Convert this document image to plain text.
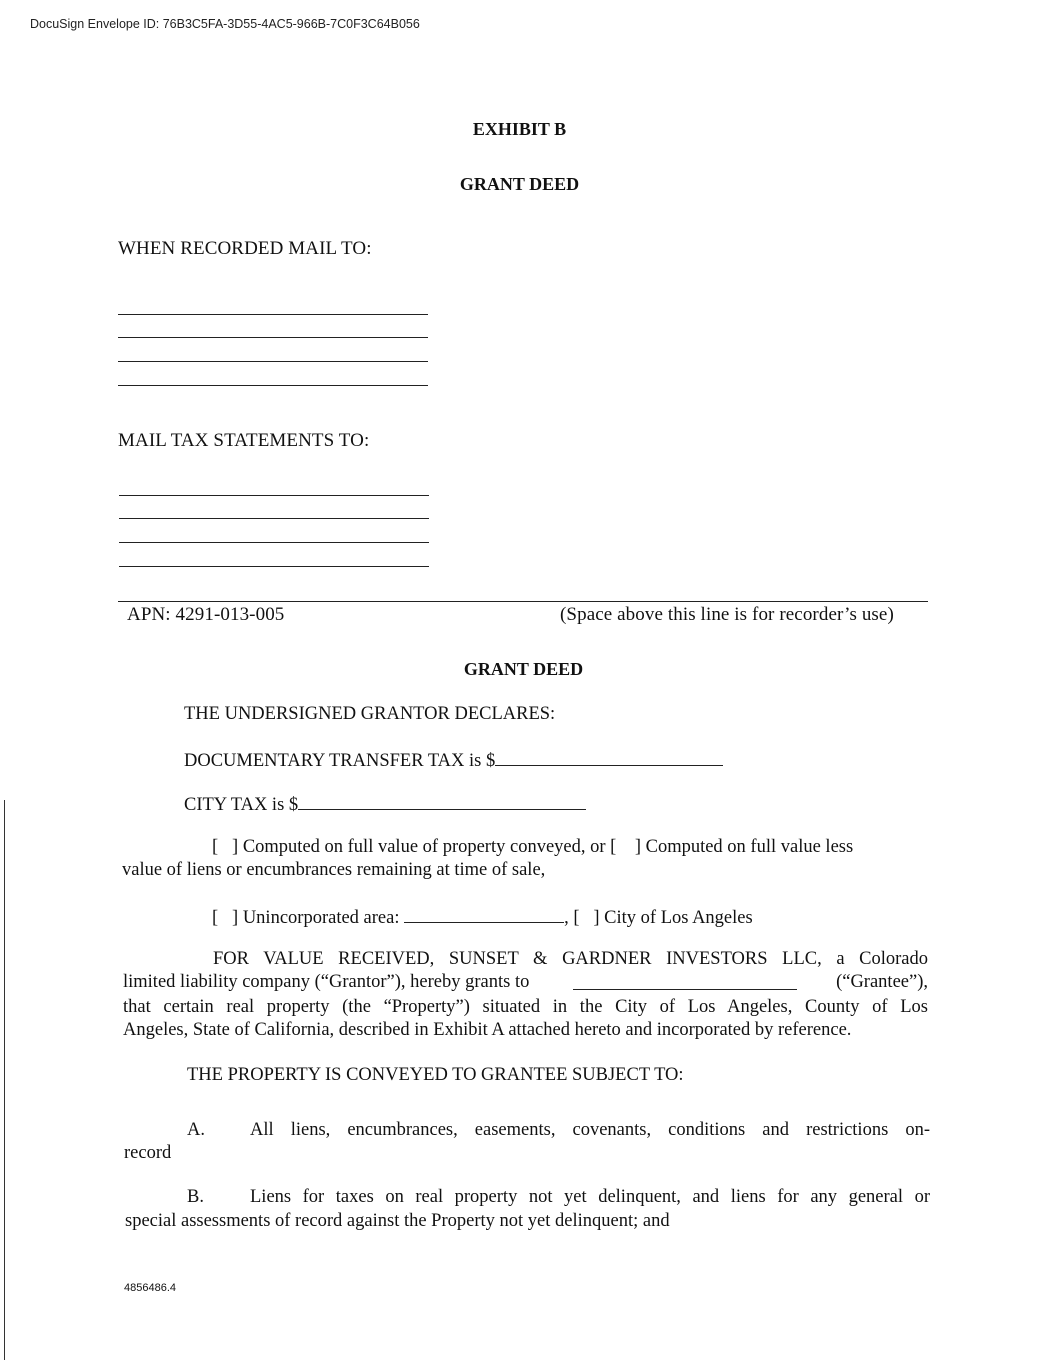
DocuSign Envelope ID: 76B3C5FA-3D55-4AC5-966B-7C0F3C64B056
EXHIBIT B
GRANT DEED
WHEN RECORDED MAIL TO:
MAIL TAX STATEMENTS TO:
APN: 4291-013-005	(Space above this line is for recorder’s use)
GRANT DEED
THE UNDERSIGNED GRANTOR DECLARES:
DOCUMENTARY TRANSFER TAX is $
CITY TAX is $
[   ] Computed on full value of property conveyed, or [    ] Computed on full value less
value of liens or encumbrances remaining at time of sale,
[   ] Unincorporated area:	, [   ] City of Los Angeles
FOR VALUE RECEIVED, SUNSET & GARDNER INVESTORS LLC, a Colorado
limited liability company (“Grantor”), hereby grants to	(“Grantee”),
that certain real property (the “Property”) situated in the City of Los Angeles, County of Los
Angeles, State of California, described in Exhibit A attached hereto and incorporated by reference.
THE PROPERTY IS CONVEYED TO GRANTEE SUBJECT TO:
A. All liens, encumbrances, easements, covenants, conditions and restrictions on-
record
B. Liens for taxes on real property not yet delinquent, and liens for any general or
special assessments of record against the Property not yet delinquent; and
4856486.4
